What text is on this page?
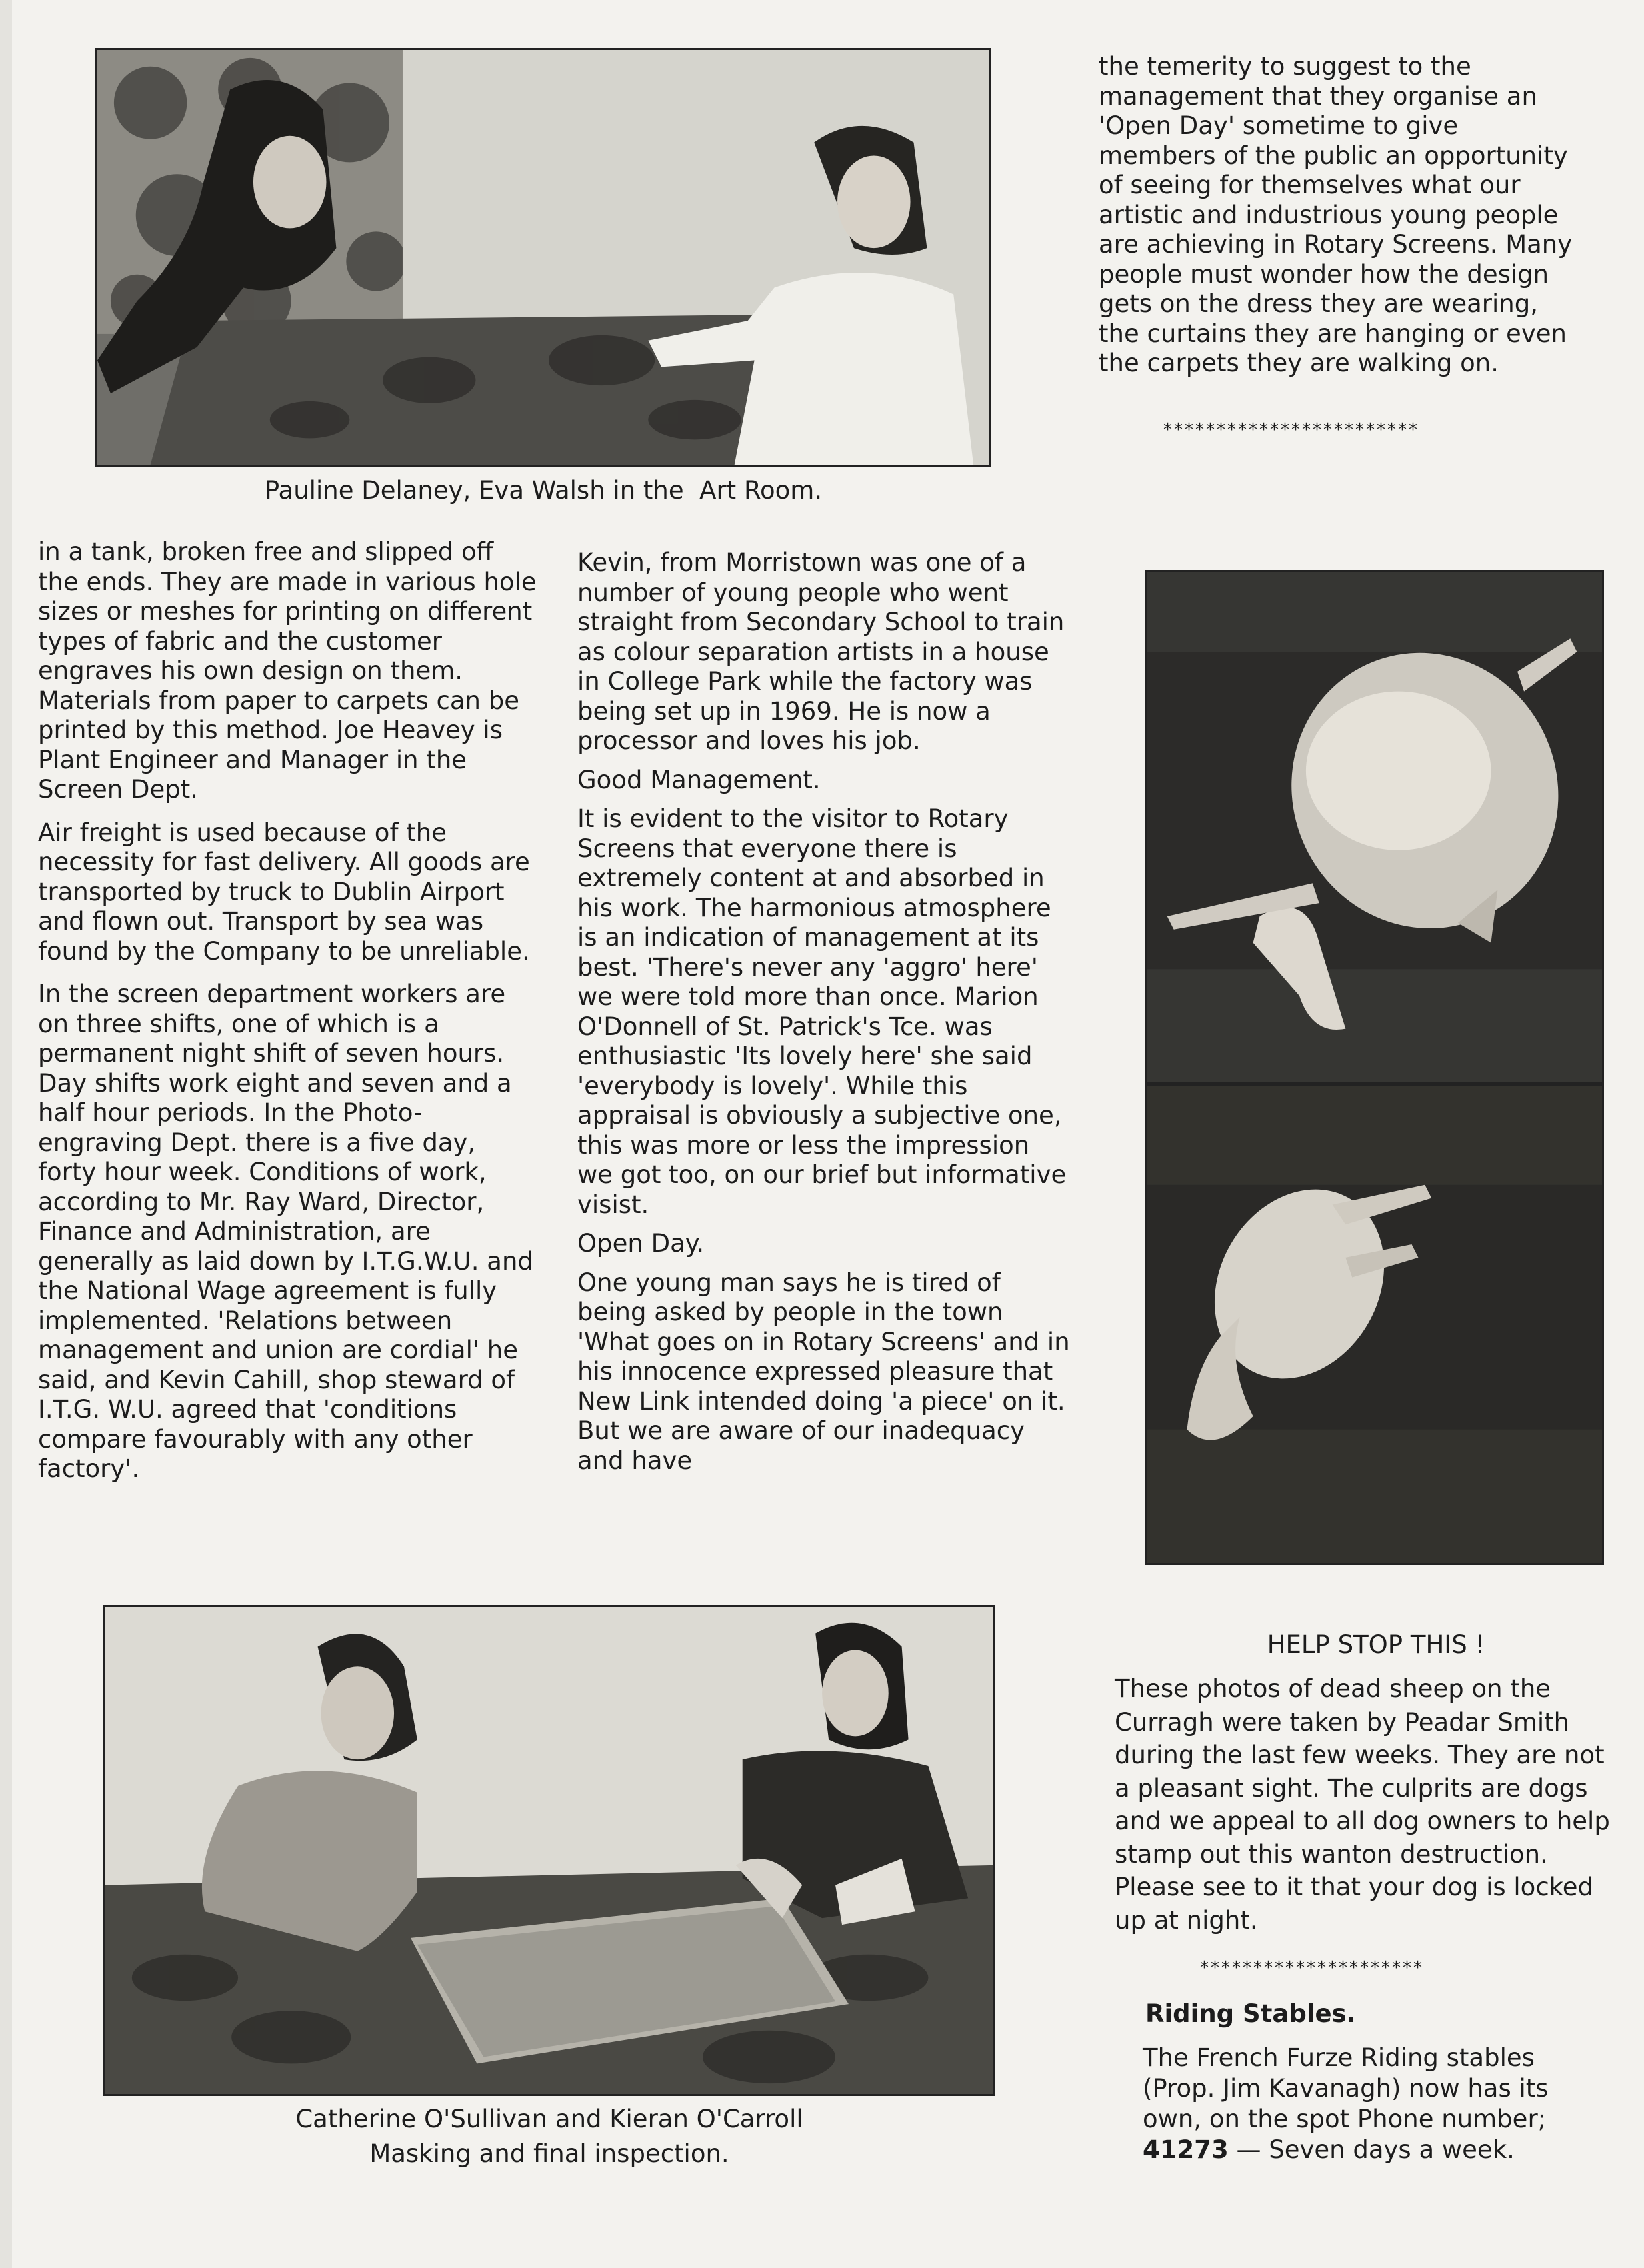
Pauline Delaney, Eva Walsh in the  Art Room.

the temerity to suggest to the management that they organise an 'Open Day' sometime to give members of the public an opportunity of seeing for themselves what our artistic and industrious young people are achieving in Rotary Screens. Many people must wonder how the design gets on the dress they are wearing, the curtains they are hanging or even the carpets they are walking on.

************************

in a tank, broken free and slipped off the ends. They are made in various hole sizes or meshes for printing on different types of fabric and the customer engraves his own design on them. Materials from paper to carpets can be printed by this method. Joe Heavey is Plant Engineer and Manager in the Screen Dept.

Air freight is used because of the necessity for fast delivery. All goods are transported by truck to Dublin Airport and flown out. Transport by sea was found by the Company to be unreliable.

In the screen department workers are on three shifts, one of which is a permanent night shift of seven hours. Day shifts work eight and seven and a half hour periods. In the Photo-engraving Dept. there is a five day, forty hour week. Conditions of work, according to Mr. Ray Ward, Director, Finance and Administration, are generally as laid down by I.T.G.W.U. and the National Wage agreement is fully implemented. 'Relations between management and union are cordial' he said, and Kevin Cahill, shop steward of I.T.G. W.U. agreed that 'conditions compare favourably with any other factory'.

Kevin, from Morristown was one of a number of young people who went straight from Secondary School to train as colour separation artists in a house in College Park while the factory was being set up in 1969. He is now a processor and loves his job.

Good Management.

It is evident to the visitor to Rotary Screens that everyone there is extremely content at and absorbed in his work. The harmonious atmosphere is an indication of management at its best. 'There's never any 'aggro' here' we were told more than once. Marion O'Donnell of St. Patrick's Tce. was enthusiastic 'Its lovely here' she said 'everybody is lovely'. While this appraisal is obviously a subjective one, this was more or less the impression we got too, on our brief but informative visist.

Open Day.

One young man says he is tired of being asked by people in the town 'What goes on in Rotary Screens' and in his innocence expressed pleasure that New Link intended doing 'a piece' on it. But we are aware of our inadequacy and have

Catherine O'Sullivan and Kieran O'Carroll
Masking and final inspection.
HELP STOP THIS !

These photos of dead sheep on the Curragh were taken by Peadar Smith during the last few weeks. They are not a pleasant sight. The culprits are dogs and we appeal to all dog owners to help stamp out this wanton destruction. Please see to it that your dog is locked up at night.

*********************
Riding Stables.

The French Furze Riding stables (Prop. Jim Kavanagh) now has its own, on the spot Phone number; 41273 — Seven days a week.
